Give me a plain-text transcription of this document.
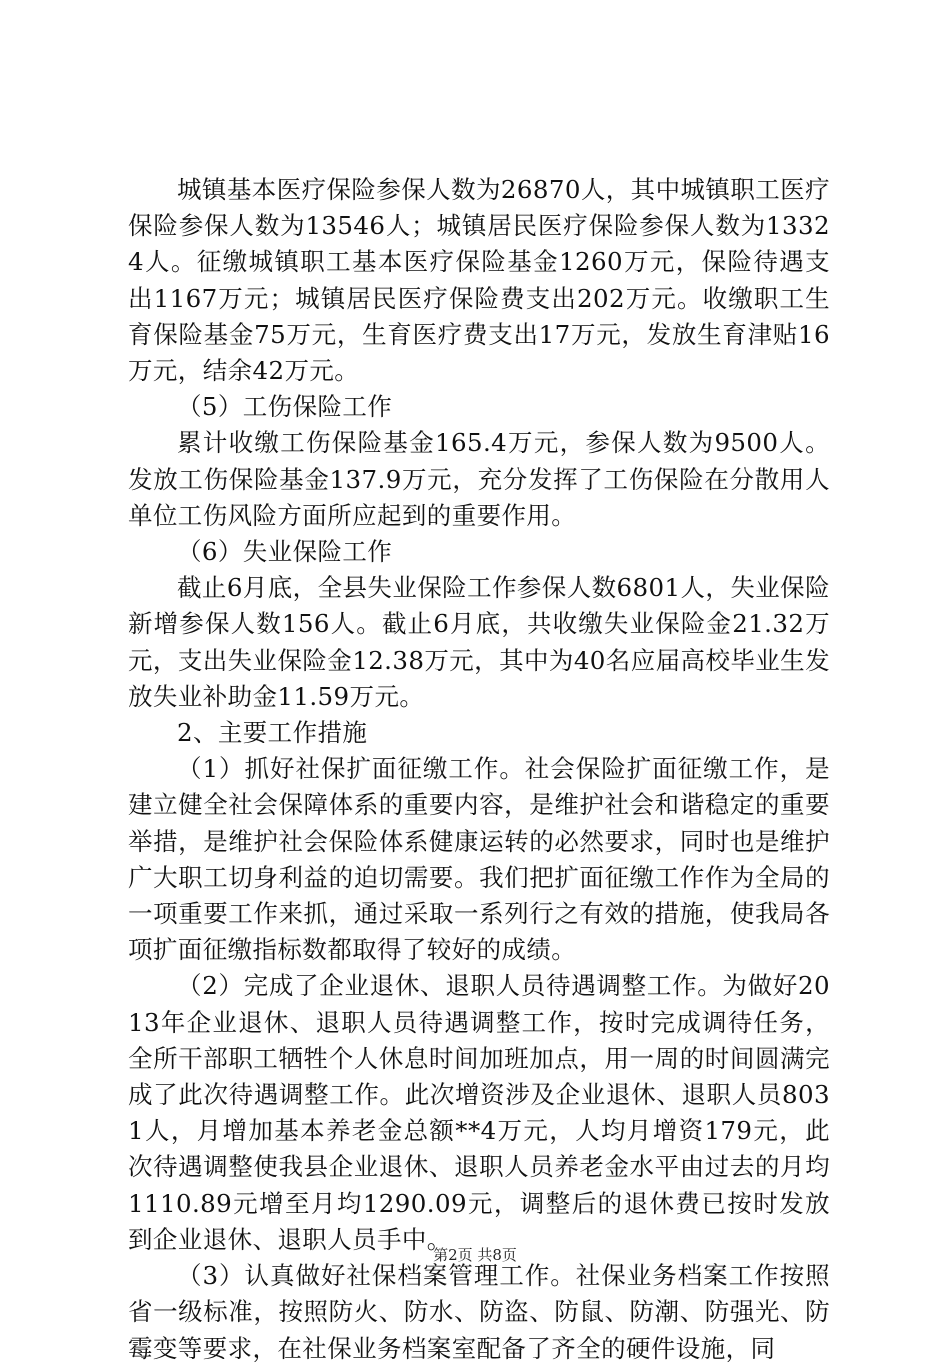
城镇基本医疗保险参保人数为26870人，其中城镇职工医疗保险参保人数为13546人；城镇居民医疗保险参保人数为13324人。征缴城镇职工基本医疗保险基金1260万元，保险待遇支出1167万元；城镇居民医疗保险费支出202万元。收缴职工生育保险基金75万元，生育医疗费支出17万元，发放生育津贴16万元，结余42万元。

（5）工伤保险工作

累计收缴工伤保险基金165.4万元，参保人数为9500人。发放工伤保险基金137.9万元，充分发挥了工伤保险在分散用人单位工伤风险方面所应起到的重要作用。

（6）失业保险工作

截止6月底，全县失业保险工作参保人数6801人，失业保险新增参保人数156人。截止6月底，共收缴失业保险金21.32万元，支出失业保险金12.38万元，其中为40名应届高校毕业生发放失业补助金11.59万元。

2、主要工作措施

（1）抓好社保扩面征缴工作。社会保险扩面征缴工作，是建立健全社会保障体系的重要内容，是维护社会和谐稳定的重要举措，是维护社会保险体系健康运转的必然要求，同时也是维护广大职工切身利益的迫切需要。我们把扩面征缴工作作为全局的一项重要工作来抓，通过采取一系列行之有效的措施，使我局各项扩面征缴指标数都取得了较好的成绩。

（2）完成了企业退休、退职人员待遇调整工作。为做好2013年企业退休、退职人员待遇调整工作，按时完成调待任务，全所干部职工牺牲个人休息时间加班加点，用一周的时间圆满完成了此次待遇调整工作。此次增资涉及企业退休、退职人员8031人，月增加基本养老金总额**4万元，人均月增资179元，此次待遇调整使我县企业退休、退职人员养老金水平由过去的月均1110.89元增至月均1290.09元，调整后的退休费已按时发放到企业退休、退职人员手中。

（3）认真做好社保档案管理工作。社保业务档案工作按照省一级标准，按照防火、防水、防盗、防鼠、防潮、防强光、防霉变等要求，在社保业务档案室配备了齐全的硬件设施，同

第2页 共8页
